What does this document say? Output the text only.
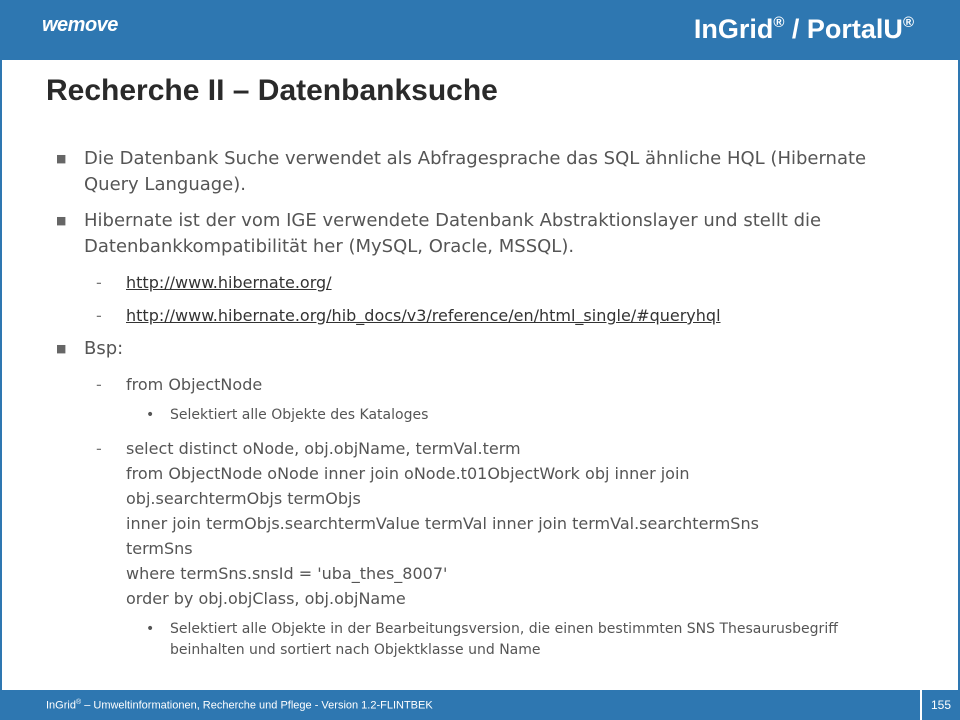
wemove	InGrid® / PortalU®
Recherche II – Datenbanksuche
■ Die Datenbank Suche verwendet als Abfragesprache das SQL ähnliche HQL (Hibernate Query Language).
■ Hibernate ist der vom IGE verwendete Datenbank Abstraktionslayer und stellt die Datenbankkompatibilität her (MySQL, Oracle, MSSQL).
- http://www.hibernate.org/
- http://www.hibernate.org/hib_docs/v3/reference/en/html_single/#queryhql
■ Bsp:
- from ObjectNode
• Selektiert alle Objekte des Kataloges
- select distinct oNode, obj.objName, termVal.term
from ObjectNode oNode inner join oNode.t01ObjectWork obj inner join
obj.searchtermObjs termObjs
inner join termObjs.searchtermValue termVal inner join termVal.searchtermSns
termSns
where termSns.snsId = 'uba_thes_8007'
order by obj.objClass, obj.objName
• Selektiert alle Objekte in der Bearbeitungsversion, die einen bestimmten SNS Thesaurusbegriff beinhalten und sortiert nach Objektklasse und Name
InGrid® – Umweltinformationen, Recherche und Pflege - Version 1.2-FLINTBEK	155
